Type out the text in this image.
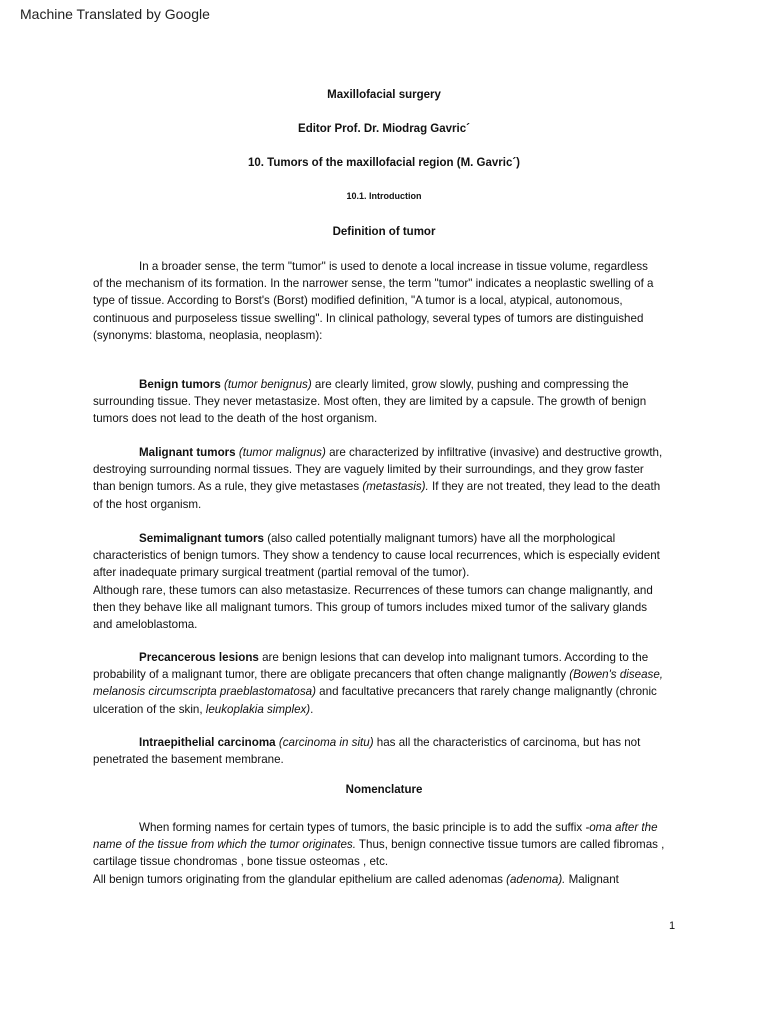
Machine Translated by Google
Maxillofacial surgery
Editor Prof. Dr. Miodrag Gavric´
10. Tumors of the maxillofacial region (M. Gavric´)
10.1. Introduction
Definition of tumor
In a broader sense, the term "tumor" is used to denote a local increase in tissue volume, regardless
of the mechanism of its formation. In the narrower sense, the term "tumor" indicates a neoplastic swelling of a
type of tissue. According to Borst's (Borst) modified definition, "A tumor is a local, atypical, autonomous,
continuous and purposeless tissue swelling". In clinical pathology, several types of tumors are distinguished
(synonyms: blastoma, neoplasia, neoplasm):
Benign tumors (tumor benignus) are clearly limited, grow slowly, pushing and compressing the
surrounding tissue. They never metastasize. Most often, they are limited by a capsule. The growth of benign
tumors does not lead to the death of the host organism.
Malignant tumors (tumor malignus) are characterized by infiltrative (invasive) and destructive growth,
destroying surrounding normal tissues. They are vaguely limited by their surroundings, and they grow faster
than benign tumors. As a rule, they give metastases (metastasis). If they are not treated, they lead to the death
of the host organism.
Semimalignant tumors (also called potentially malignant tumors) have all the morphological
characteristics of benign tumors. They show a tendency to cause local recurrences, which is especially evident
after inadequate primary surgical treatment (partial removal of the tumor).
Although rare, these tumors can also metastasize. Recurrences of these tumors can change malignantly, and
then they behave like all malignant tumors. This group of tumors includes mixed tumor of the salivary glands
and ameloblastoma.
Precancerous lesions are benign lesions that can develop into malignant tumors. According to the
probability of a malignant tumor, there are obligate precancers that often change malignantly (Bowen's disease,
melanosis circumscripta praeblastomatosa) and facultative precancers that rarely change malignantly (chronic
ulceration of the skin, leukoplakia simplex).
Intraepithelial carcinoma (carcinoma in situ) has all the characteristics of carcinoma, but has not
penetrated the basement membrane.
Nomenclature
When forming names for certain types of tumors, the basic principle is to add the suffix -oma after the
name of the tissue from which the tumor originates. Thus, benign connective tissue tumors are called fibromas ,
cartilage tissue chondromas , bone tissue osteomas , etc.
All benign tumors originating from the glandular epithelium are called adenomas (adenoma). Malignant
1
